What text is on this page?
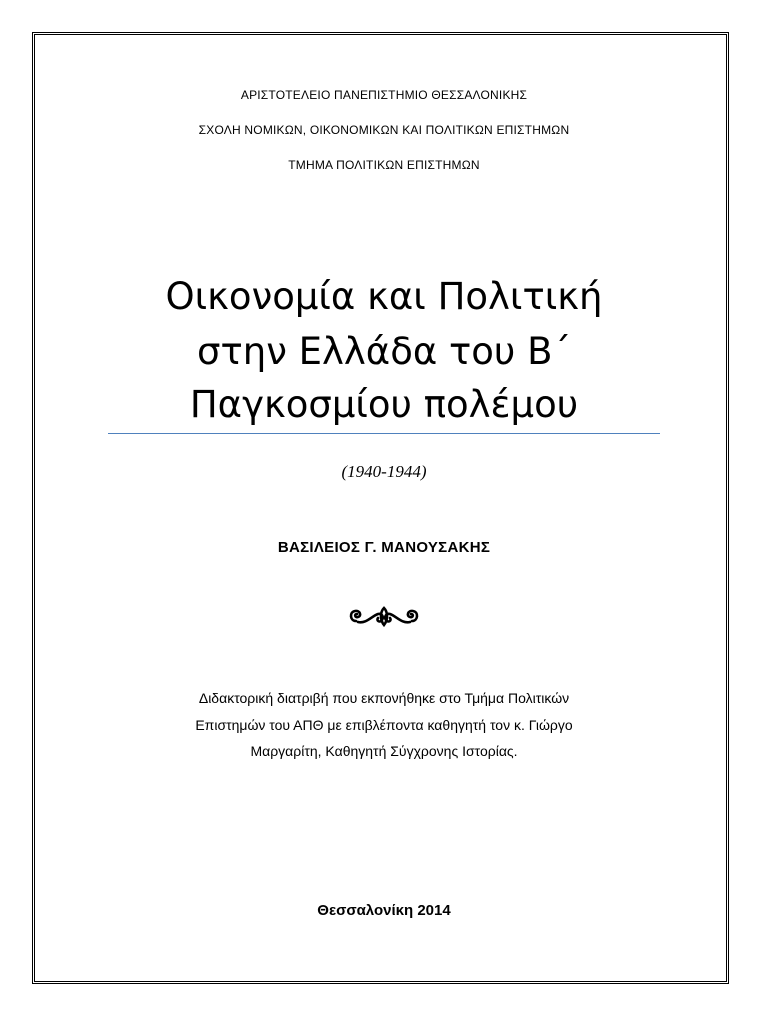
ΑΡΙΣΤΟΤΕΛΕΙΟ ΠΑΝΕΠΙΣΤΗΜΙΟ ΘΕΣΣΑΛΟΝΙΚΗΣ
ΣΧΟΛΗ ΝΟΜΙΚΩΝ, ΟΙΚΟΝΟΜΙΚΩΝ ΚΑΙ ΠΟΛΙΤΙΚΩΝ ΕΠΙΣΤΗΜΩΝ
ΤΜΗΜΑ ΠΟΛΙΤΙΚΩΝ ΕΠΙΣΤΗΜΩΝ
Οικονομία και Πολιτική
στην Ελλάδα του Β΄
Παγκοσμίου πολέμου
(1940-1944)
ΒΑΣΙΛΕΙΟΣ Γ. ΜΑΝΟΥΣΑΚΗΣ
Διδακτορική διατριβή που εκπονήθηκε στο Τμήμα Πολιτικών
Επιστημών του ΑΠΘ με επιβλέποντα καθηγητή τον κ. Γιώργο
Μαργαρίτη, Καθηγητή Σύγχρονης Ιστορίας.
Θεσσαλονίκη 2014
